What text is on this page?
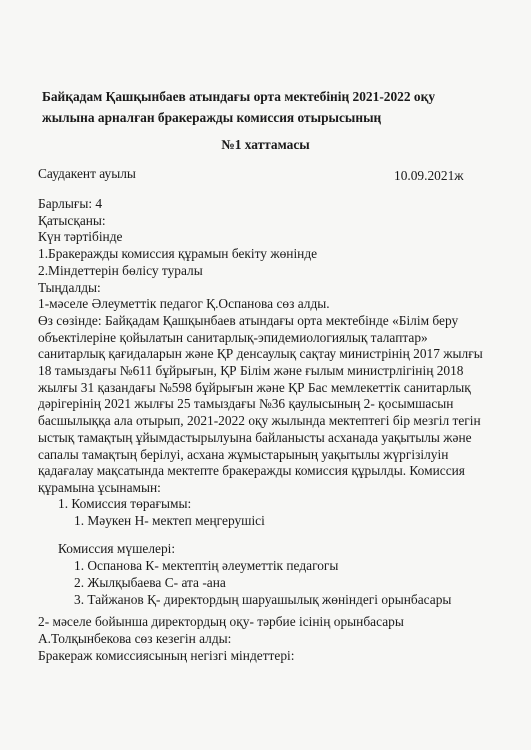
Байқадам Қашқынбаев атындағы орта мектебінің 2021-2022 оқу
жылына арналған бракеражды комиссия отырысының
№1 хаттамасы
Саудакент ауылы	10.09.2021ж
Барлығы: 4
Қатысқаны:
Күн тәртібінде
1.Бракеражды комиссия құрамын бекіту жөнінде
2.Міндеттерін бөлісу туралы
Тыңдалды:
1-мәселе Әлеуметтік педагог Қ.Оспанова сөз алды.
Өз сөзінде: Байқадам Қашқынбаев атындағы орта мектебінде «Білім беру
объектілеріне қойылатын санитарлық-эпидемиологиялық талаптар»
санитарлық қағидаларын және ҚР денсаулық сақтау министрінің 2017 жылғы
18 тамыздағы №611 бұйрығын, ҚР Білім және ғылым министрлігінің 2018
жылғы 31 қазандағы №598 бұйрығын және ҚР Бас мемлекеттік санитарлық
дәрігерінің 2021 жылғы 25 тамыздағы №36 қаулысының 2- қосымшасын
басшылыққа ала отырып, 2021-2022 оқу жылында мектептегі бір мезгіл тегін
ыстық тамақтың ұйымдастырылуына байланысты асханада уақытылы және
сапалы тамақтың берілуі, асхана жұмыстарының уақытылы жүргізілуін
қадағалау мақсатында мектепте бракеражды комиссия құрылды. Комиссия
құрамына ұсынамын:
1. Комиссия төрағымы:
1. Мәукен Н- мектеп меңгерушісі
Комиссия мүшелері:
1. Оспанова К- мектептің әлеуметтік педагогы
2. Жылқыбаева С- ата -ана
3. Тайжанов Қ- директордың шаруашылық жөніндегі орынбасары
2- мәселе бойынша директордың оқу- тәрбие ісінің орынбасары
А.Толқынбекова сөз кезегін алды:
Бракераж комиссиясының негізгі міндеттері:
